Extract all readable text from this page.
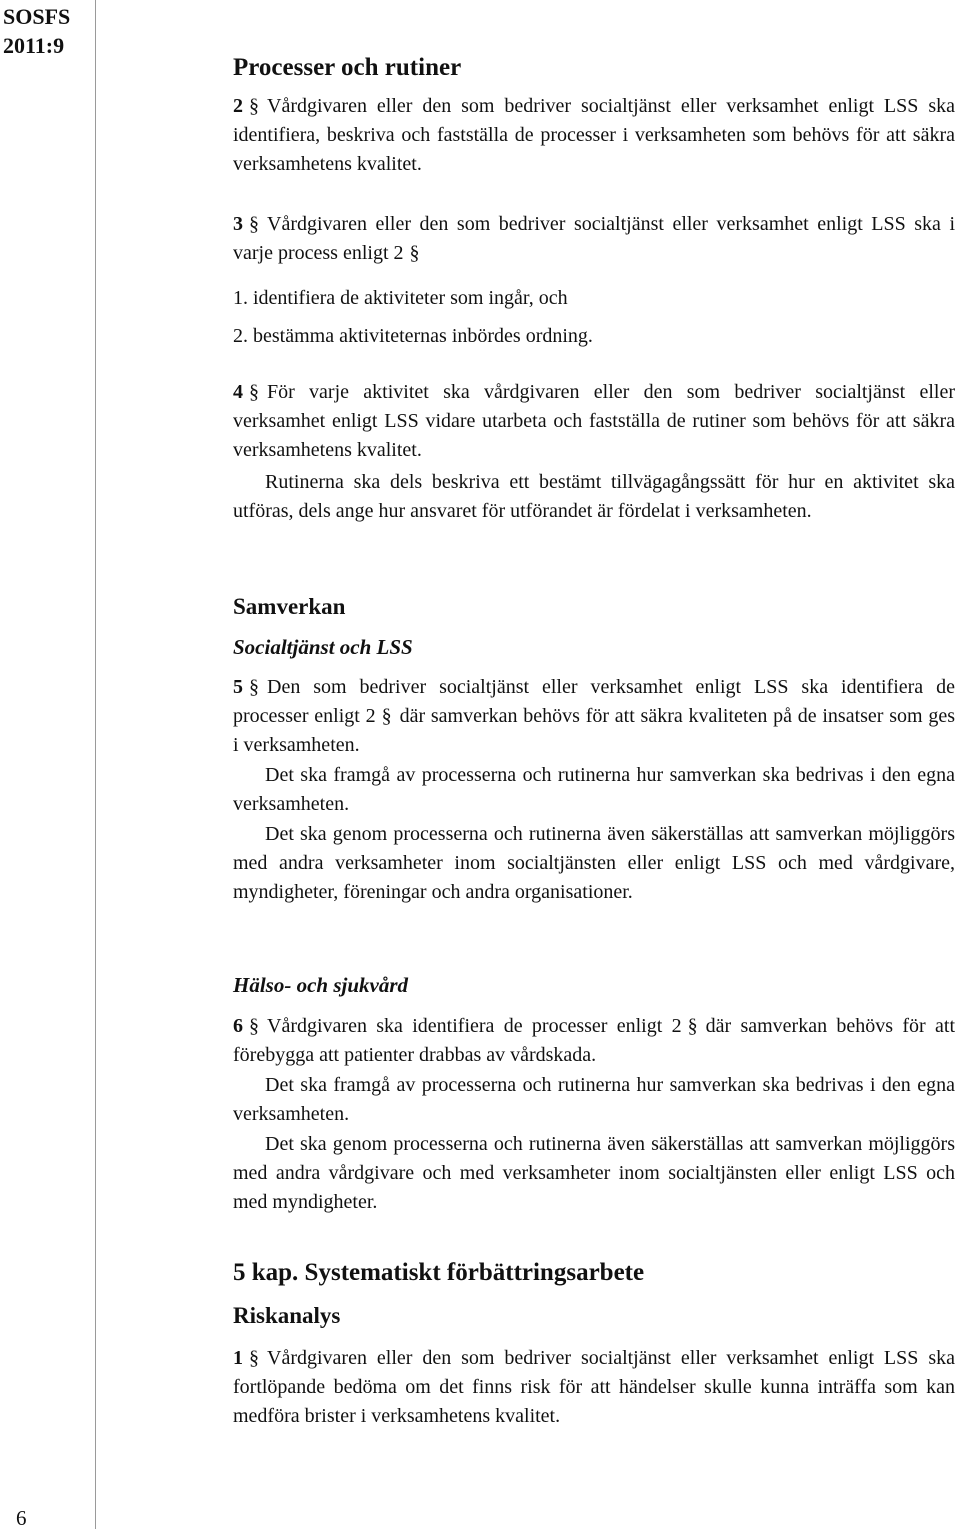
SOSFS
2011:9
6
Processer och rutiner

2 § Vårdgivaren eller den som bedriver socialtjänst eller verksamhet enligt LSS ska identifiera, beskriva och fastställa de processer i verksamheten som behövs för att säkra verksamhetens kvalitet.

3 § Vårdgivaren eller den som bedriver socialtjänst eller verksamhet enligt LSS ska i varje process enligt 2 §

1. identifiera de aktiviteter som ingår, och
2. bestämma aktiviteternas inbördes ordning.

4 § För varje aktivitet ska vårdgivaren eller den som bedriver socialtjänst eller verksamhet enligt LSS vidare utarbeta och fastställa de rutiner som behövs för att säkra verksamhetens kvalitet.

Rutinerna ska dels beskriva ett bestämt tillvägagångssätt för hur en aktivitet ska utföras, dels ange hur ansvaret för utförandet är fördelat i verksamheten.

Samverkan
Socialtjänst och LSS

5 § Den som bedriver socialtjänst eller verksamhet enligt LSS ska identifiera de processer enligt 2 § där samverkan behövs för att säkra kvaliteten på de insatser som ges i verksamheten.

Det ska framgå av processerna och rutinerna hur samverkan ska bedrivas i den egna verksamheten.

Det ska genom processerna och rutinerna även säkerställas att samverkan möjliggörs med andra verksamheter inom socialtjänsten eller enligt LSS och med vårdgivare, myndigheter, föreningar och andra organisationer.

Hälso- och sjukvård

6 § Vårdgivaren ska identifiera de processer enligt 2 § där samverkan behövs för att förebygga att patienter drabbas av vårdskada.

Det ska framgå av processerna och rutinerna hur samverkan ska bedrivas i den egna verksamheten.

Det ska genom processerna och rutinerna även säkerställas att samverkan möjliggörs med andra vårdgivare och med verksamheter inom socialtjänsten eller enligt LSS och med myndigheter.

5 kap. Systematiskt förbättringsarbete
Riskanalys

1 § Vårdgivaren eller den som bedriver socialtjänst eller verksamhet enligt LSS ska fortlöpande bedöma om det finns risk för att händelser skulle kunna inträffa som kan medföra brister i verksamhetens kvalitet.
